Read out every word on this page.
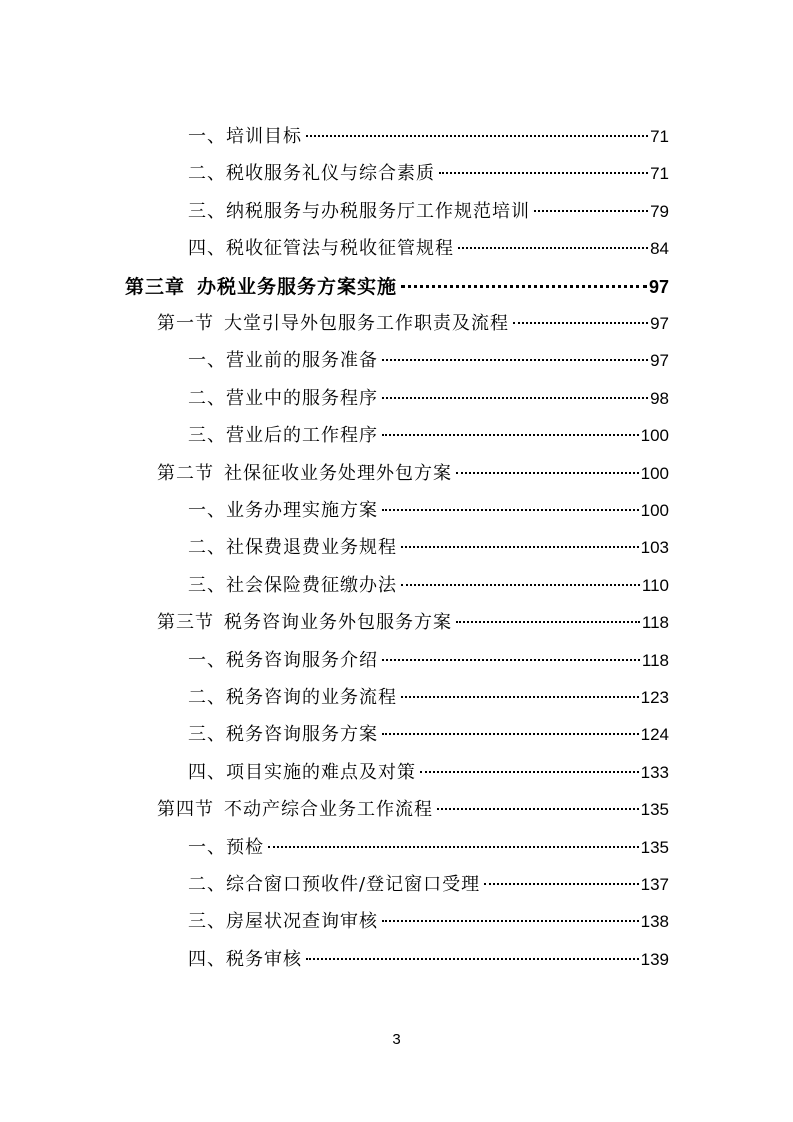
一、 培训目标	71
二、 税收服务礼仪与综合素质	71
三、 纳税服务与办税服务厅工作规范培训	79
四、 税收征管法与税收征管规程	84
第三章 办税业务服务方案实施	97
第一节 大堂引导外包服务工作职责及流程	97
一、 营业前的服务准备	97
二、 营业中的服务程序	98
三、 营业后的工作程序	100
第二节 社保征收业务处理外包方案	100
一、 业务办理实施方案	100
二、 社保费退费业务规程	103
三、 社会保险费征缴办法	110
第三节 税务咨询业务外包服务方案	118
一、 税务咨询服务介绍	118
二、 税务咨询的业务流程	123
三、 税务咨询服务方案	124
四、 项目实施的难点及对策	133
第四节 不动产综合业务工作流程	135
一、 预检	135
二、 综合窗口预收件/登记窗口受理	137
三、 房屋状况查询审核	138
四、 税务审核	139
3
